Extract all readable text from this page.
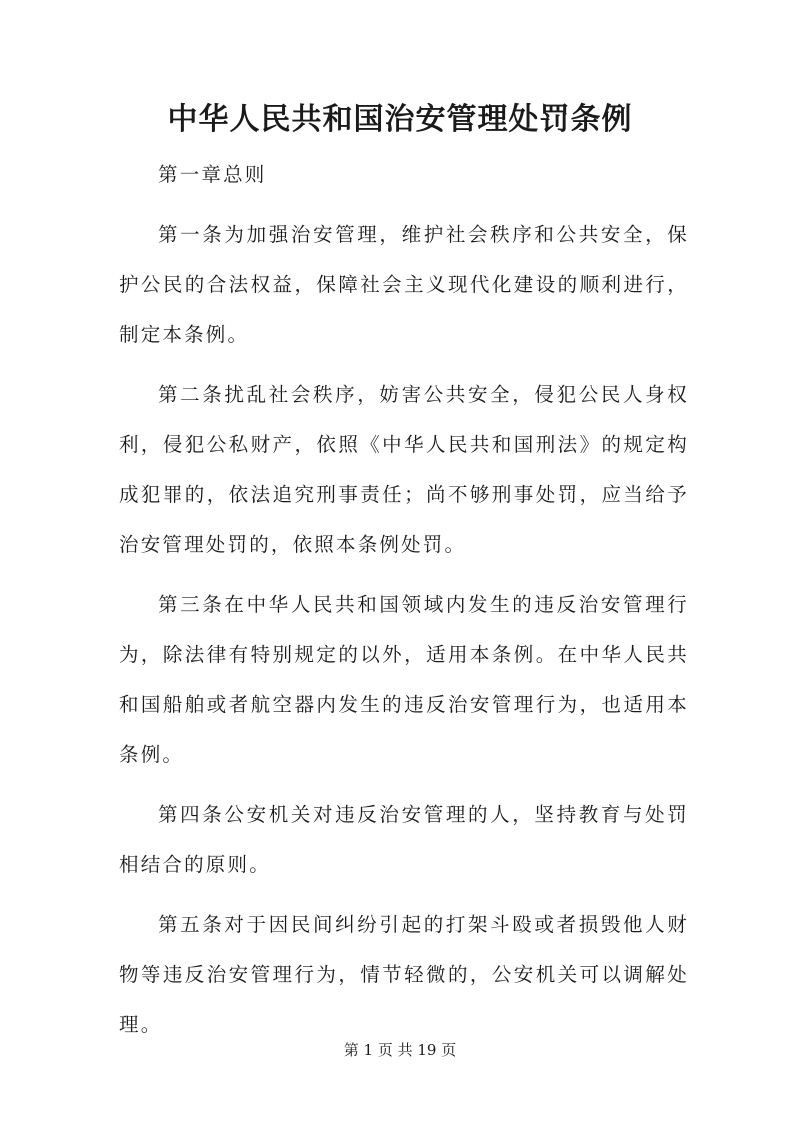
中华人民共和国治安管理处罚条例

第一章总则

第一条为加强治安管理，维护社会秩序和公共安全，保护公民的合法权益，保障社会主义现代化建设的顺利进行，制定本条例。

第二条扰乱社会秩序，妨害公共安全，侵犯公民人身权利，侵犯公私财产，依照《中华人民共和国刑法》的规定构成犯罪的，依法追究刑事责任；尚不够刑事处罚，应当给予治安管理处罚的，依照本条例处罚。

第三条在中华人民共和国领域内发生的违反治安管理行为，除法律有特别规定的以外，适用本条例。在中华人民共和国船舶或者航空器内发生的违反治安管理行为，也适用本条例。

第四条公安机关对违反治安管理的人，坚持教育与处罚相结合的原则。

第五条对于因民间纠纷引起的打架斗殴或者损毁他人财物等违反治安管理行为，情节轻微的，公安机关可以调解处理。

第 1 页 共 19 页
